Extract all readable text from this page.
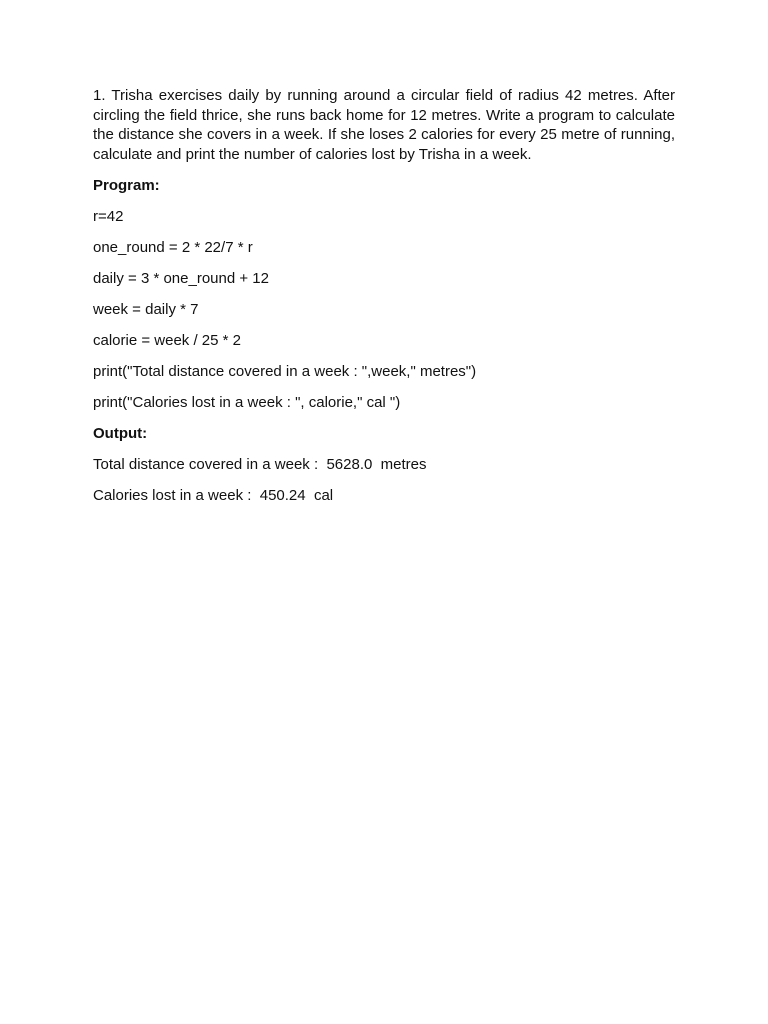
1. Trisha exercises daily by running around a circular field of radius 42 metres. After circling the field thrice, she runs back home for 12 metres. Write a program to calculate the distance she covers in a week. If she loses 2 calories for every 25 metre of running, calculate and print the number of calories lost by Trisha in a week.

Program:

r=42

one_round = 2 * 22/7 * r

daily = 3 * one_round + 12

week = daily * 7

calorie = week / 25 * 2

print("Total distance covered in a week : ",week," metres")

print("Calories lost in a week : ", calorie," cal ")

Output:

Total distance covered in a week :  5628.0  metres

Calories lost in a week :  450.24  cal
